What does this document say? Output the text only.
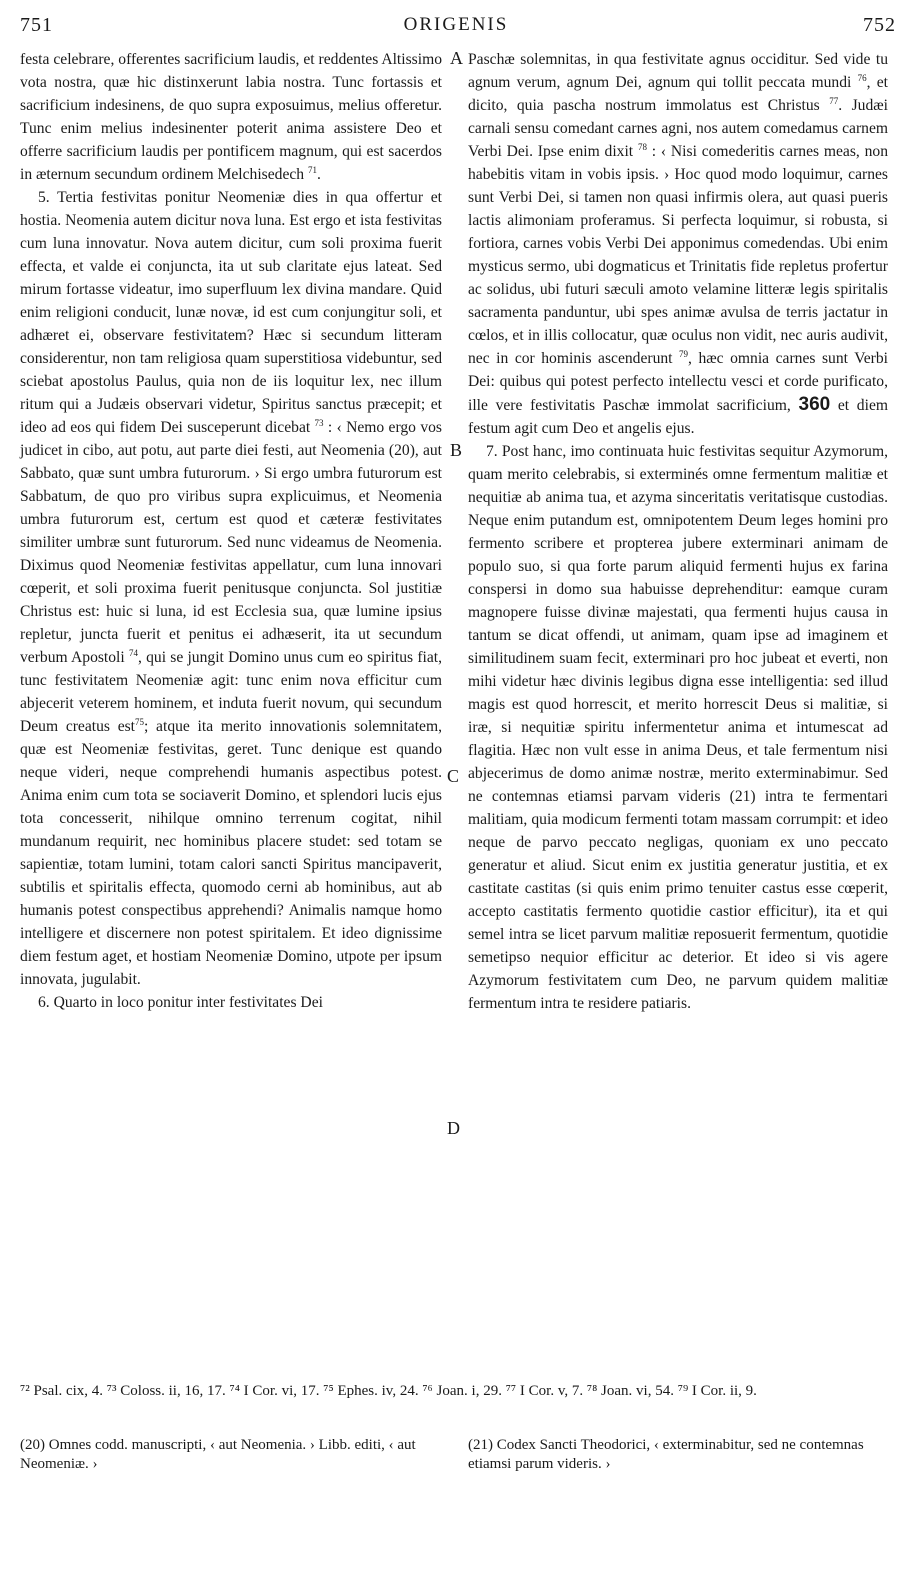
751	ORIGENIS	752
A
B
C
D

festa celebrare, offerentes sacrificium laudis, et reddentes Altissimo vota nostra, quæ hic distinxerunt labia nostra. Tunc fortassis et sacrificium indesinens, de quo supra exposuimus, melius offeretur. Tunc enim melius indesinenter poterit anima assistere Deo et offerre sacrificium laudis per pontificem magnum, qui est sacerdos in æternum secundum ordinem Melchisedech $^{71}$.

5. Tertia festivitas ponitur Neomeniæ dies in qua offertur et hostia. Neomenia autem dicitur nova luna. Est ergo et ista festivitas cum luna innovatur. Nova autem dicitur, cum soli proxima fuerit effecta, et valde ei conjuncta, ita ut sub claritate ejus lateat. Sed mirum fortasse videatur, imo superfluum lex divina mandare. Quid enim religioni conducit, lunæ novæ, id est cum conjungitur soli, et adhæret ei, observare festivitatem? Hæc si secundum litteram considerentur, non tam religiosa quam superstitiosa videbuntur, sed sciebat apostolus Paulus, quia non de iis loquitur lex, nec illum ritum qui a Judæis observari videtur, Spiritus sanctus præcepit; et ideo ad eos qui fidem Dei susceperunt dicebat $^{73}$ : ‹ Nemo ergo vos judicet in cibo, aut potu, aut parte diei festi, aut Neomenia (20), aut Sabbato, quæ sunt umbra futurorum. › Si ergo umbra futurorum est Sabbatum, de quo pro viribus supra explicuimus, et Neomenia umbra futurorum est, certum est quod et cæteræ festivitates similiter umbræ sunt futurorum. Sed nunc videamus de Neomenia. Diximus quod Neomeniæ festivitas appellatur, cum luna innovari cœperit, et soli proxima fuerit penitusque conjuncta. Sol justitiæ Christus est: huic si luna, id est Ecclesia sua, quæ lumine ipsius repletur, juncta fuerit et penitus ei adhæserit, ita ut secundum verbum Apostoli $^{74}$, qui se jungit Domino unus cum eo spiritus fiat, tunc festivitatem Neomeniæ agit: tunc enim nova efficitur cum abjecerit veterem hominem, et induta fuerit novum, qui secundum Deum creatus est$^{75}$; atque ita merito innovationis solemnitatem, quæ est Neomeniæ festivitas, geret. Tunc denique est quando neque videri, neque comprehendi humanis aspectibus potest. Anima enim cum tota se sociaverit Domino, et splendori lucis ejus tota concesserit, nihilque omnino terrenum cogitat, nihil mundanum requirit, nec hominibus placere studet: sed totam se sapientiæ, totam lumini, totam calori sancti Spiritus mancipaverit, subtilis et spiritalis effecta, quomodo cerni ab hominibus, aut ab humanis potest conspectibus apprehendi? Animalis namque homo intelligere et discernere non potest spiritalem. Et ideo dignissime diem festum aget, et hostiam Neomeniæ Domino, utpote per ipsum innovata, jugulabit.

6. Quarto in loco ponitur inter festivitates Dei

Paschæ solemnitas, in qua festivitate agnus occiditur. Sed vide tu agnum verum, agnum Dei, agnum qui tollit peccata mundi $^{76}$, et dicito, quia pascha nostrum immolatus est Christus $^{77}$. Judæi carnali sensu comedant carnes agni, nos autem comedamus carnem Verbi Dei. Ipse enim dixit $^{78}$ : ‹ Nisi comederitis carnes meas, non habebitis vitam in vobis ipsis. › Hoc quod modo loquimur, carnes sunt Verbi Dei, si tamen non quasi infirmis olera, aut quasi pueris lactis alimoniam proferamus. Si perfecta loquimur, si robusta, si fortiora, carnes vobis Verbi Dei apponimus comedendas. Ubi enim mysticus sermo, ubi dogmaticus et Trinitatis fide repletus profertur ac solidus, ubi futuri sæculi amoto velamine litteræ legis spiritalis sacramenta panduntur, ubi spes animæ avulsa de terris jactatur in cœlos, et in illis collocatur, quæ oculus non vidit, nec auris audivit, nec in cor hominis ascenderunt $^{79}$, hæc omnia carnes sunt Verbi Dei: quibus qui potest perfecto intellectu vesci et corde purificato, ille vere festivitatis Paschæ immolat sacrificium, 360 et diem festum agit cum Deo et angelis ejus.

7. Post hanc, imo continuata huic festivitas sequitur Azymorum, quam merito celebrabis, si exterminés omne fermentum malitiæ et nequitiæ ab anima tua, et azyma sinceritatis veritatisque custodias. Neque enim putandum est, omnipotentem Deum leges homini pro fermento scribere et propterea jubere exterminari animam de populo suo, si qua forte parum aliquid fermenti hujus ex farina conspersi in domo sua habuisse deprehenditur: eamque curam magnopere fuisse divinæ majestati, qua fermenti hujus causa in tantum se dicat offendi, ut animam, quam ipse ad imaginem et similitudinem suam fecit, exterminari pro hoc jubeat et everti, non mihi videtur hæc divinis legibus digna esse intelligentia: sed illud magis est quod horrescit, et merito horrescit Deus si malitiæ, si iræ, si nequitiæ spiritu infermentetur anima et intumescat ad flagitia. Hæc non vult esse in anima Deus, et tale fermentum nisi abjecerimus de domo animæ nostræ, merito exterminabimur. Sed ne contemnas etiamsi parvam videris (21) intra te fermentari malitiam, quia modicum fermenti totam massam corrumpit: et ideo neque de parvo peccato negligas, quoniam ex uno peccato generatur et aliud. Sicut enim ex justitia generatur justitia, et ex castitate castitas (si quis enim primo tenuiter castus esse cœperit, accepto castitatis fermento quotidie castior efficitur), ita et qui semel intra se licet parvum malitiæ reposuerit fermentum, quotidie semetipso nequior efficitur ac deterior. Et ideo si vis agere Azymorum festivitatem cum Deo, ne parvum quidem malitiæ fermentum intra te residere patiaris.

⁷² Psal. cix, 4. ⁷³ Coloss. ii, 16, 17. ⁷⁴ I Cor. vi, 17. ⁷⁵ Ephes. iv, 24. ⁷⁶ Joan. i, 29. ⁷⁷ I Cor. v, 7. ⁷⁸ Joan. vi, 54. ⁷⁹ I Cor. ii, 9.
(20) Omnes codd. manuscripti, ‹ aut Neomenia. › Libb. editi, ‹ aut Neomeniæ. ›
(21) Codex Sancti Theodorici, ‹ exterminabitur, sed ne contemnas etiamsi parum videris. ›
